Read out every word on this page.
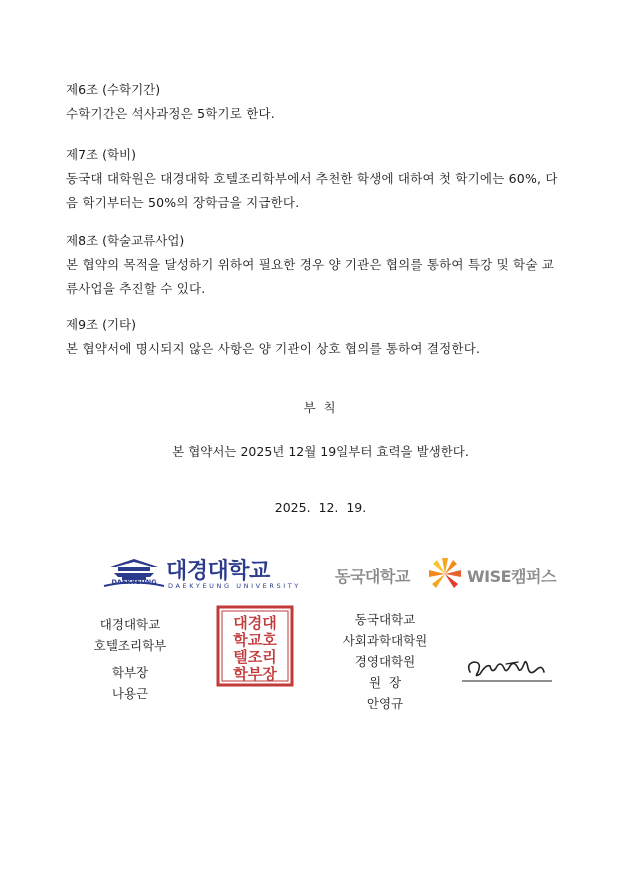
제6조 (수학기간)
수학기간은 석사과정은 5학기로 한다.
제7조 (학비)
동국대 대학원은 대경대학 호텔조리학부에서 추천한 학생에 대하여 첫 학기에는 60%, 다
음 학기부터는 50%의 장학금을 지급한다.
제8조 (학술교류사업)
본 협약의 목적을 달성하기 위하여 필요한 경우 양 기관은 협의를 통하여 특강 및 학술 교
류사업을 추진할 수 있다.
제9조 (기타)
본 협약서에 명시되지 않은 사항은 양 기관이 상호 협의를 통하여 결정한다.
부 칙
본 협약서는 2025년 12월 19일부터 효력을 발생한다.
2025.  12.  19.
DAEKYEUNG 대경대학교
DAEKYEUNG UNIVERSITY 동국대학교	WISE캠퍼스
대경대학교
호텔조리학부
학부장
나용근
대경대
학교호
텔조리
학부장
동국대학교
사회과학대학원
경영대학원
원  장
안영규
